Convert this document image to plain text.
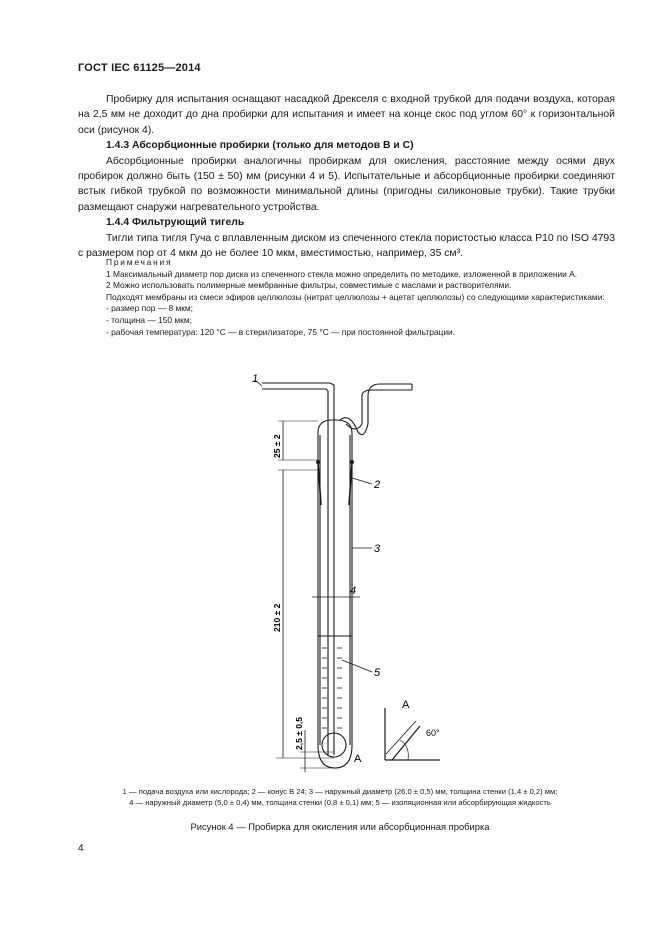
ГОСТ IEC 61125—2014

Пробирку для испытания оснащают насадкой Дрекселя с входной трубкой для подачи воздуха, которая на 2,5 мм не доходит до дна пробирки для испытания и имеет на конце скос под углом 60° к горизонтальной оси (рисунок 4).

1.4.3 Абсорбционные пробирки (только для методов B и C)

Абсорбционные пробирки аналогичны пробиркам для окисления, расстояние между осями двух пробирок должно быть (150 ± 50) мм (рисунки 4 и 5). Испытательные и абсорбционные пробирки соединяют встык гибкой трубкой по возможности минимальной длины (пригодны силиконовые трубки). Такие трубки размещают снаружи нагревательного устройства.

1.4.4 Фильтрующий тигель

Тигли типа тигля Гуча с вплавленным диском из спеченного стекла пористостью класса P10 по ISO 4793 с размером пор от 4 мкм до не более 10 мкм, вместимостью, например, 35 см³.

Примечания

1 Максимальный диаметр пор диска из спеченного стекла можно определить по методике, изложенной в приложении А.

2 Можно использовать полимерные мембранные фильтры, совместимые с маслами и растворителями.

Подходят мембраны из смеси эфиров целлюлозы (нитрат целлюлозы + ацетат целлюлозы) со следующими характеристиками:

- размер пор — 8 мкм;

- толщина — 150 мкм;

- рабочая температура: 120 °С — в стерилизаторе, 75 °С — при постоянной фильтрации.

1
2
3
4
5
25 ± 2
210 ± 2
2,5 ± 0,5
A
A
60°
1 — подача воздуха или кислорода; 2 — конус B 24; 3 — наружный диаметр (26,0 ± 0,5) мм, толщина стенки (1,4 ± 0,2) мм;
4 — наружный диаметр (5,0 ± 0,4) мм, толщина стенки (0,8 ± 0,1) мм; 5 — изоляционная или абсорбирующая жидкость
Рисунок 4 — Пробирка для окисления или абсорбционная пробирка
4
